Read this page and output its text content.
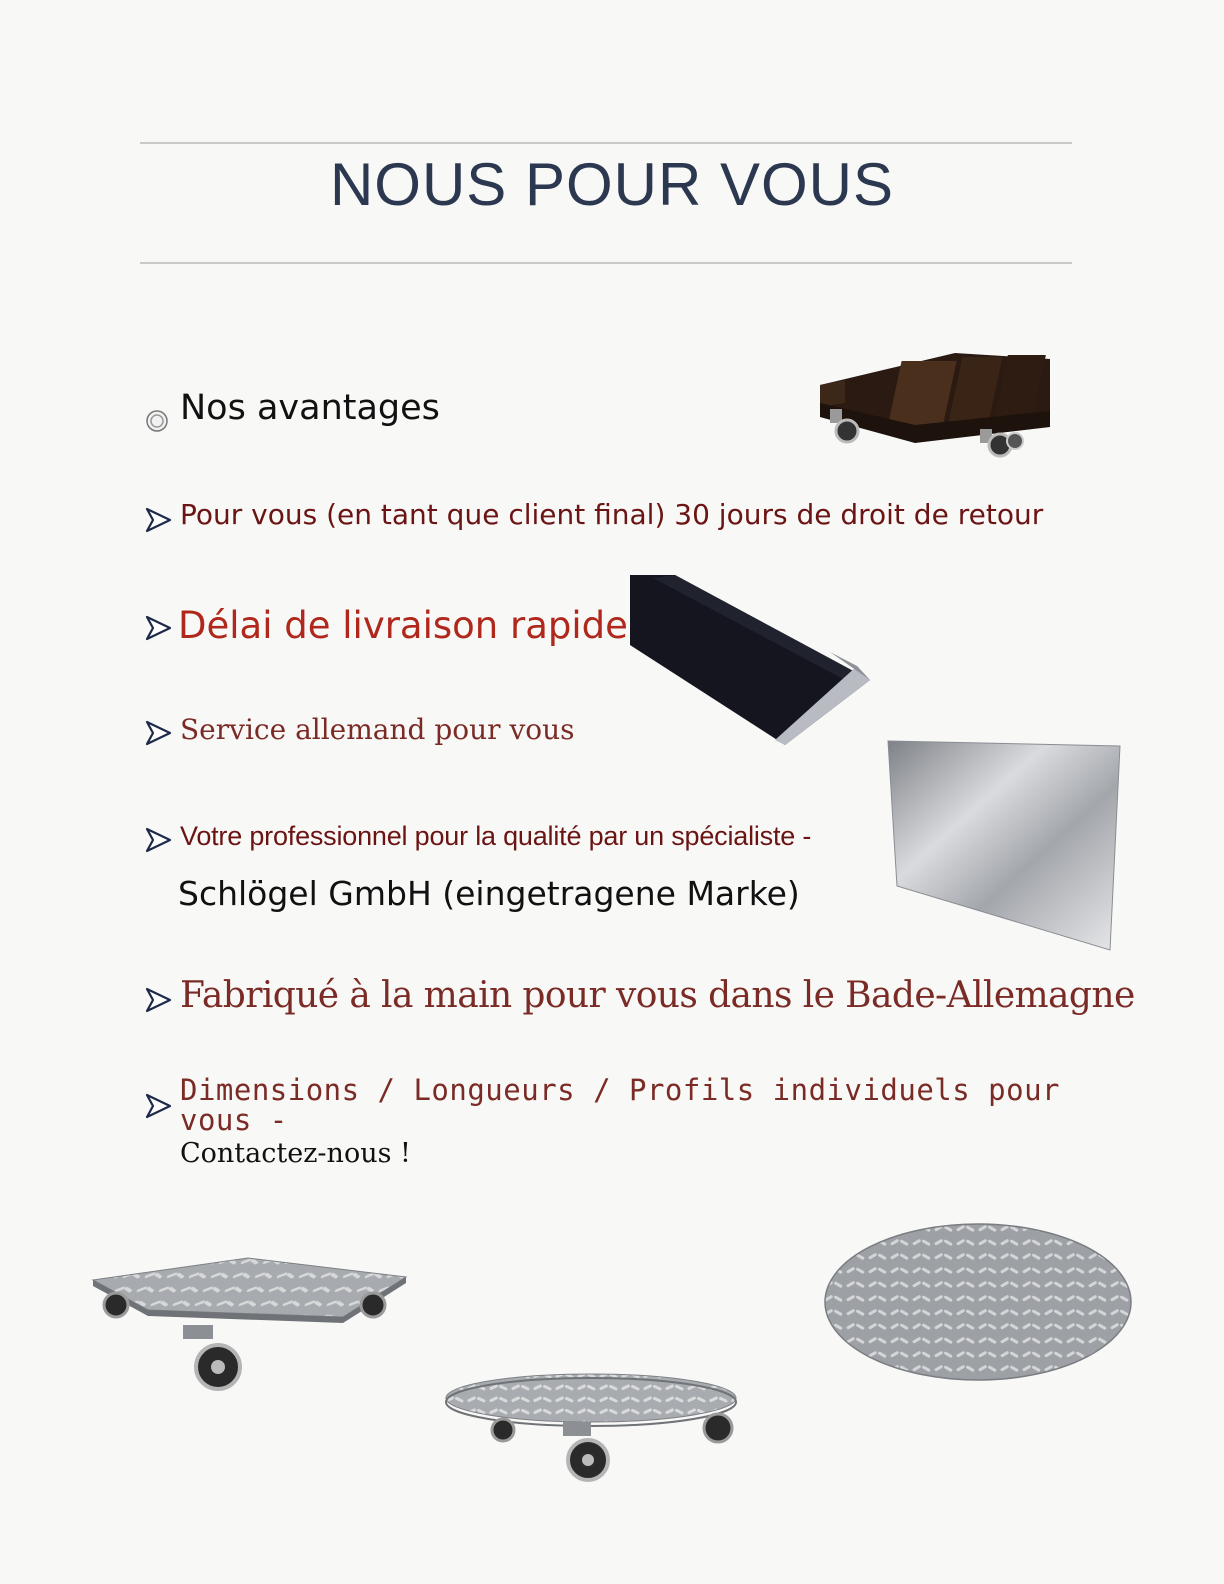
NOUS POUR VOUS
Nos avantages
Pour vous (en tant que client final) 30 jours de droit de retour
Délai de livraison rapide
Service allemand pour vous
Votre professionnel pour la qualité par un spécialiste -
Schlögel GmbH (eingetragene Marke)
Fabriqué à la main pour vous dans le Bade-Allemagne
Dimensions / Longueurs / Profils individuels pour
vous -
Contactez-nous !
